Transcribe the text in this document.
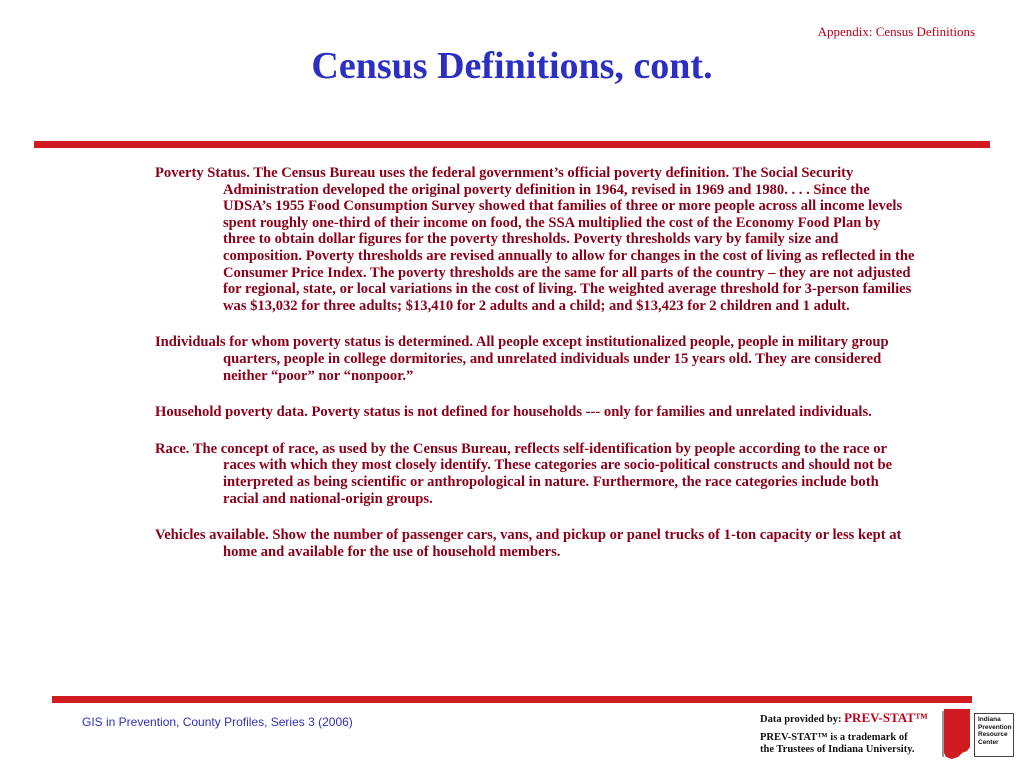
Appendix: Census Definitions
Census Definitions, cont.

Poverty Status. The Census Bureau uses the federal government’s official poverty definition. The Social Security Administration developed the original poverty definition in 1964, revised in 1969 and 1980. . . . Since the UDSA’s 1955 Food Consumption Survey showed that families of three or more people across all income levels spent roughly one-third of their income on food, the SSA multiplied the cost of the Economy Food Plan by three to obtain dollar figures for the poverty thresholds. Poverty thresholds vary by family size and composition. Poverty thresholds are revised annually to allow for changes in the cost of living as reflected in the Consumer Price Index. The poverty thresholds are the same for all parts of the country – they are not adjusted for regional, state, or local variations in the cost of living. The weighted average threshold for 3-person families was $13,032 for three adults; $13,410 for 2 adults and a child; and $13,423 for 2 children and 1 adult.

Individuals for whom poverty status is determined. All people except institutionalized people, people in military group quarters, people in college dormitories, and unrelated individuals under 15 years old. They are considered neither “poor” nor “nonpoor.”

Household poverty data. Poverty status is not defined for households --- only for families and unrelated individuals.

Race. The concept of race, as used by the Census Bureau, reflects self-identification by people according to the race or races with which they most closely identify. These categories are socio-political constructs and should not be interpreted as being scientific or anthropological in nature. Furthermore, the race categories include both racial and national-origin groups.

Vehicles available. Show the number of passenger cars, vans, and pickup or panel trucks of 1-ton capacity or less kept at home and available for the use of household members.

GIS in Prevention, County Profiles, Series 3 (2006)	Data provided by: PREV-STAT™
PREV-STAT™ is a trademark of
the Trustees of Indiana University.
Indiana
Prevention
Resource
Center
